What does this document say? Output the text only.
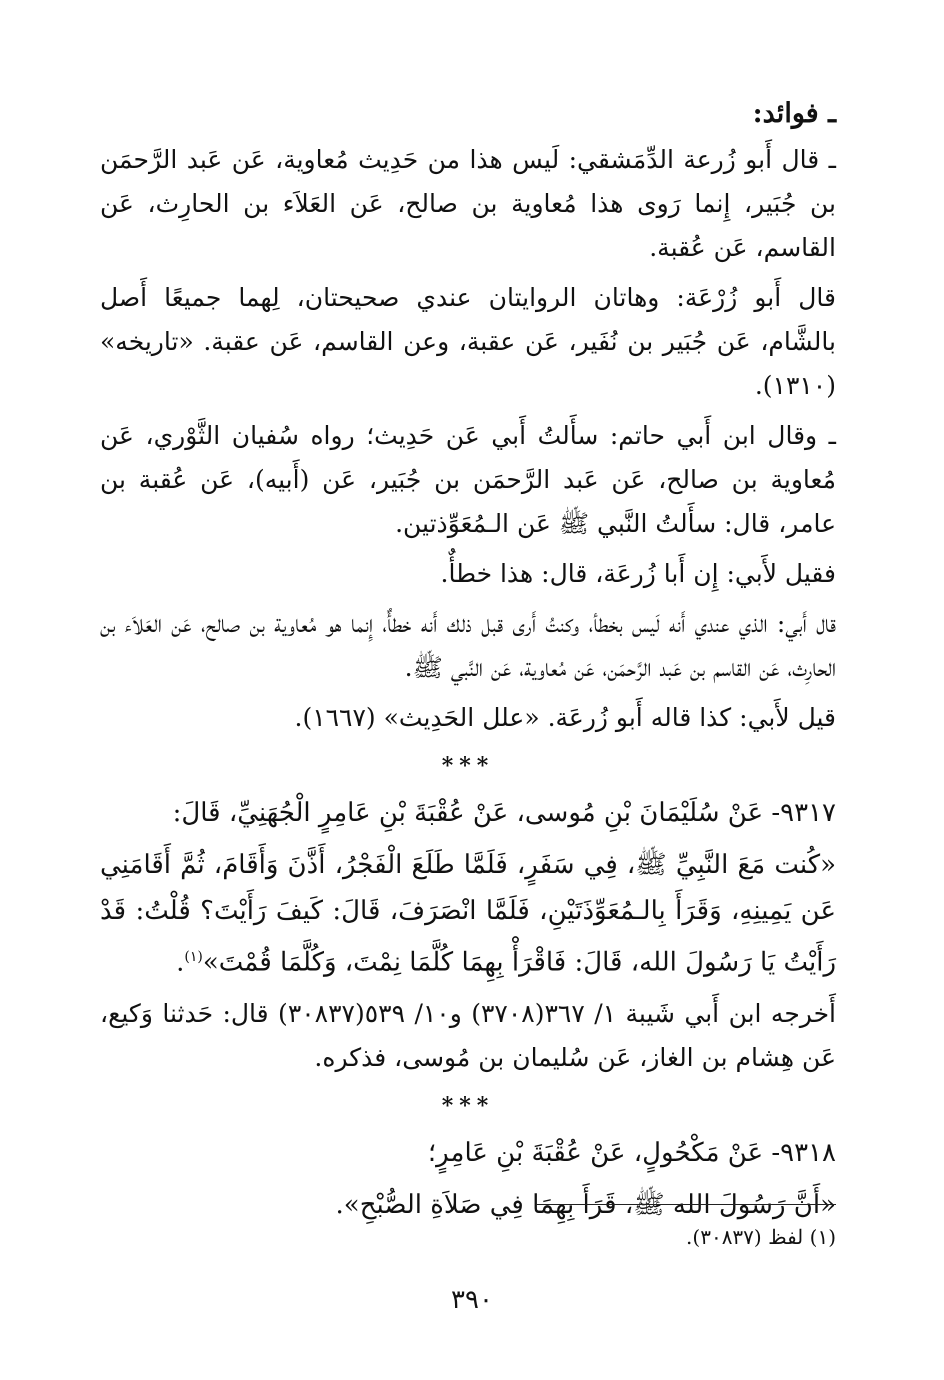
ـ فوائد:

ـ قال أَبو زُرعة الدِّمَشقي: لَيس هذا من حَدِيث مُعاوية، عَن عَبد الرَّحمَن بن جُبَير، إِنما رَوى هذا مُعاوية بن صالح، عَن العَلاَء بن الحارِث، عَن القاسم، عَن عُقبة.

قال أَبو زُرْعَة: وهاتان الروايتان عندي صحيحتان، لِهما جميعًا أَصل بالشَّام، عَن جُبَير بن نُفَير، عَن عقبة، وعن القاسم، عَن عقبة. «تاريخه» (١٣١٠).

ـ وقال ابن أَبي حاتم: سأَلتُ أَبي عَن حَدِيث؛ رواه سُفيان الثَّوْري، عَن مُعاوية بن صالح، عَن عَبد الرَّحمَن بن جُبَير، عَن (أَبيه)، عَن عُقبة بن عامر، قال: سأَلتُ النَّبي ﷺ عَن الـمُعَوِّذتين.

فقيل لأَبي: إِن أَبا زُرعَة، قال: هذا خطأٌ.

قال أَبي: الذي عندي أَنه لَيس بخطأ، وكنتُ أَرى قبل ذلك أَنه خطأٌ، إِنما هو مُعاوية بن صالح، عَن العَلاَء بن الحارِث، عَن القاسم بن عَبد الرَّحمَن، عَن مُعاوية، عَن النَّبي ﷺ.

قيل لأَبي: كذا قاله أَبو زُرعَة. «علل الحَدِيث» (١٦٦٧).

***

٩٣١٧- عَنْ سُلَيْمَانَ بْنِ مُوسى، عَنْ عُقْبَةَ بْنِ عَامِرٍ الْجُهَنِيِّ، قَالَ:

«كُنت مَعَ النَّبِيِّ ﷺ، فِي سَفَرٍ، فَلَمَّا طَلَعَ الْفَجْرُ، أَذَّنَ وَأَقَامَ، ثُمَّ أَقَامَنِي عَن يَمِينِهِ، وَقَرَأَ بِالـمُعَوِّذَتَيْنِ، فَلَمَّا انْصَرَفَ، قَالَ: كَيفَ رَأَيْتَ؟ قُلْتُ: قَدْ رَأَيْتُ يَا رَسُولَ الله، قَالَ: فَاقْرَأْ بِهِمَا كُلَّمَا نِمْتَ، وَكُلَّمَا قُمْتَ»$^{(١)}$.

أَخرجه ابن أَبي شَيبة ١/ ٣٦٧(٣٧٠٨) و١٠/ ٥٣٩(٣٠٨٣٧) قال: حَدثنا وَكيع، عَن هِشام بن الغاز، عَن سُليمان بن مُوسى، فذكره.

***

٩٣١٨- عَنْ مَكْحُولٍ، عَنْ عُقْبَةَ بْنِ عَامِرٍ؛

«أَنَّ رَسُولَ الله ﷺ، قَرَأَ بِهِمَا فِي صَلاَةِ الصُّبْحِ».

(١) لفظ (٣٠٨٣٧).
٣٩٠
